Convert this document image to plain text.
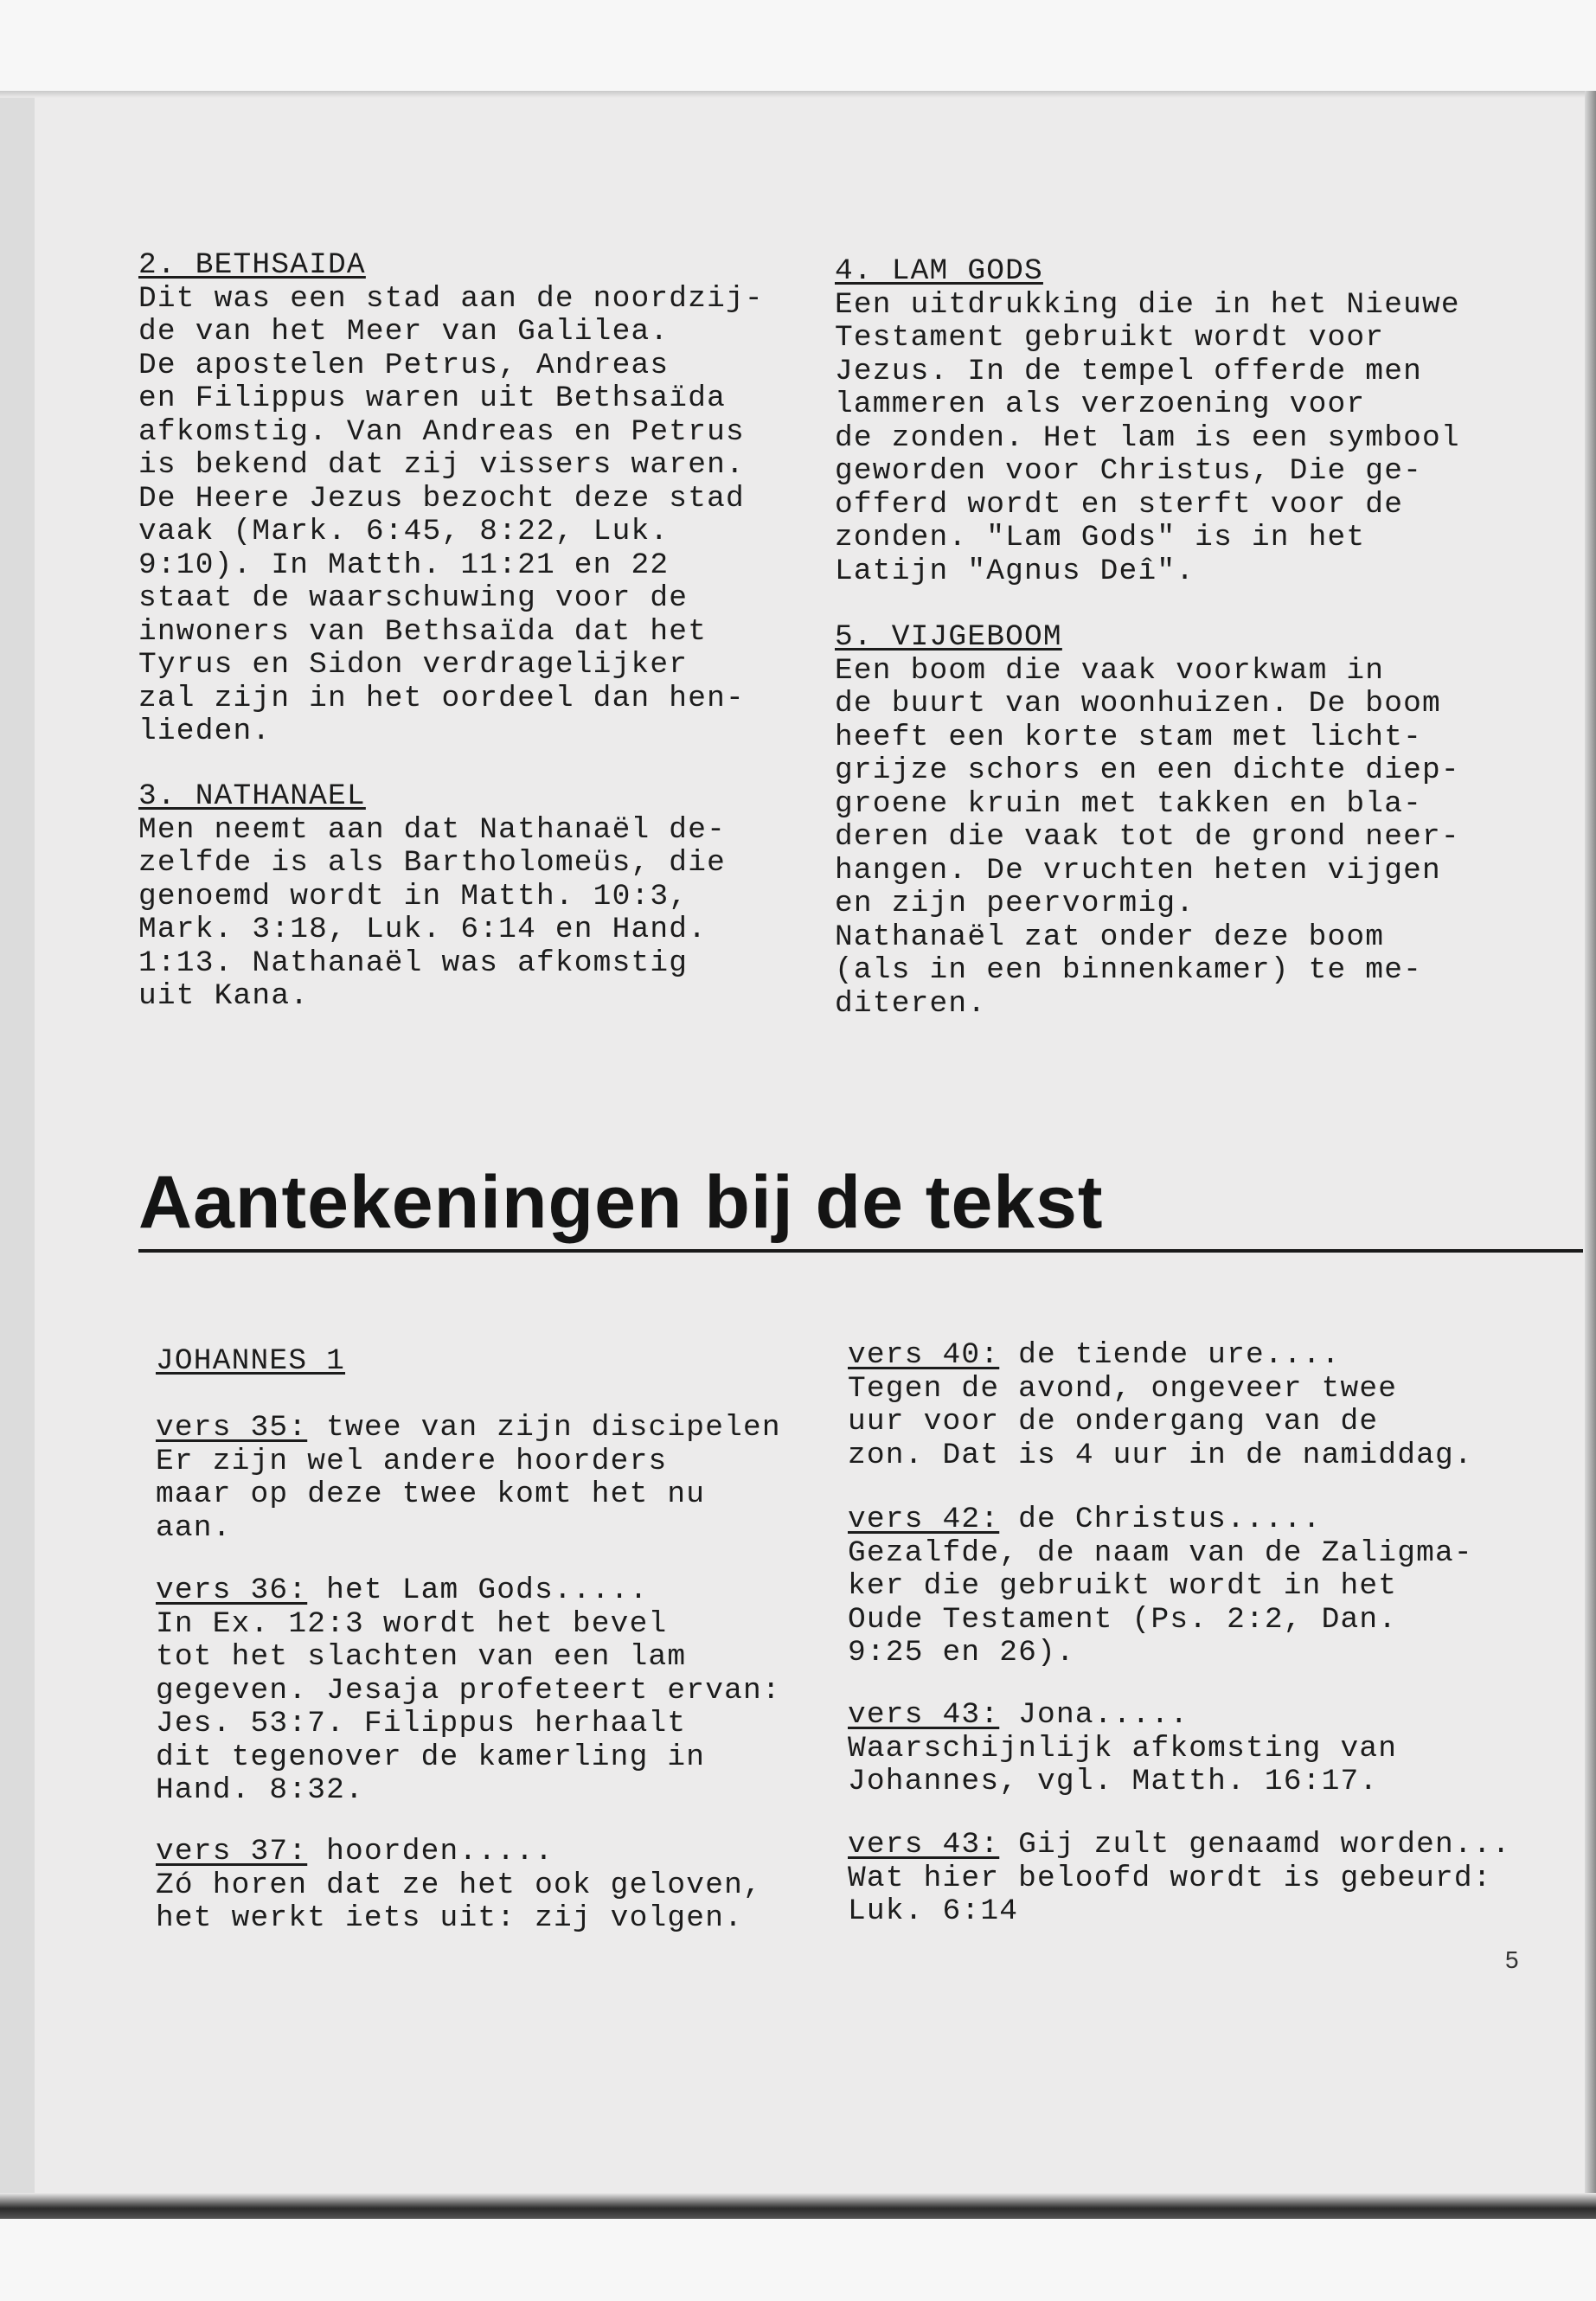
2. BETHSAIDA
Dit was een stad aan de noordzij-
de van het Meer van Galilea.
De apostelen Petrus, Andreas
en Filippus waren uit Bethsaïda
afkomstig. Van Andreas en Petrus
is bekend dat zij vissers waren.
De Heere Jezus bezocht deze stad
vaak (Mark. 6:45, 8:22, Luk.
9:10). In Matth. 11:21 en 22
staat de waarschuwing voor de
inwoners van Bethsaïda dat het
Tyrus en Sidon verdragelijker
zal zijn in het oordeel dan hen-
lieden.
3. NATHANAEL
Men neemt aan dat Nathanaël de-
zelfde is als Bartholomeüs, die
genoemd wordt in Matth. 10:3,
Mark. 3:18, Luk. 6:14 en Hand.
1:13. Nathanaël was afkomstig
uit Kana.
4. LAM GODS
Een uitdrukking die in het Nieuwe
Testament gebruikt wordt voor
Jezus. In de tempel offerde men
lammeren als verzoening voor
de zonden. Het lam is een symbool
geworden voor Christus, Die ge-
offerd wordt en sterft voor de
zonden. "Lam Gods" is in het
Latijn "Agnus Deî".
5. VIJGEBOOM
Een boom die vaak voorkwam in
de buurt van woonhuizen. De boom
heeft een korte stam met licht-
grijze schors en een dichte diep-
groene kruin met takken en bla-
deren die vaak tot de grond neer-
hangen. De vruchten heten vijgen
en zijn peervormig.
Nathanaël zat onder deze boom
(als in een binnenkamer) te me-
diteren.
Aantekeningen bij de tekst
JOHANNES 1
vers 35: twee van zijn discipelen
Er zijn wel andere hoorders
maar op deze twee komt het nu
aan.
vers 36: het Lam Gods.....
In Ex. 12:3 wordt het bevel
tot het slachten van een lam
gegeven. Jesaja profeteert ervan:
Jes. 53:7. Filippus herhaalt
dit tegenover de kamerling in
Hand. 8:32.
vers 37: hoorden.....
Zó horen dat ze het ook geloven,
het werkt iets uit: zij volgen.
vers 40: de tiende ure....
Tegen de avond, ongeveer twee
uur voor de ondergang van de
zon. Dat is 4 uur in de namiddag.
vers 42: de Christus.....
Gezalfde, de naam van de Zaligma-
ker die gebruikt wordt in het
Oude Testament (Ps. 2:2, Dan.
9:25 en 26).
vers 43: Jona.....
Waarschijnlijk afkomsting van
Johannes, vgl. Matth. 16:17.
vers 43: Gij zult genaamd worden...
Wat hier beloofd wordt is gebeurd:
Luk. 6:14
5
